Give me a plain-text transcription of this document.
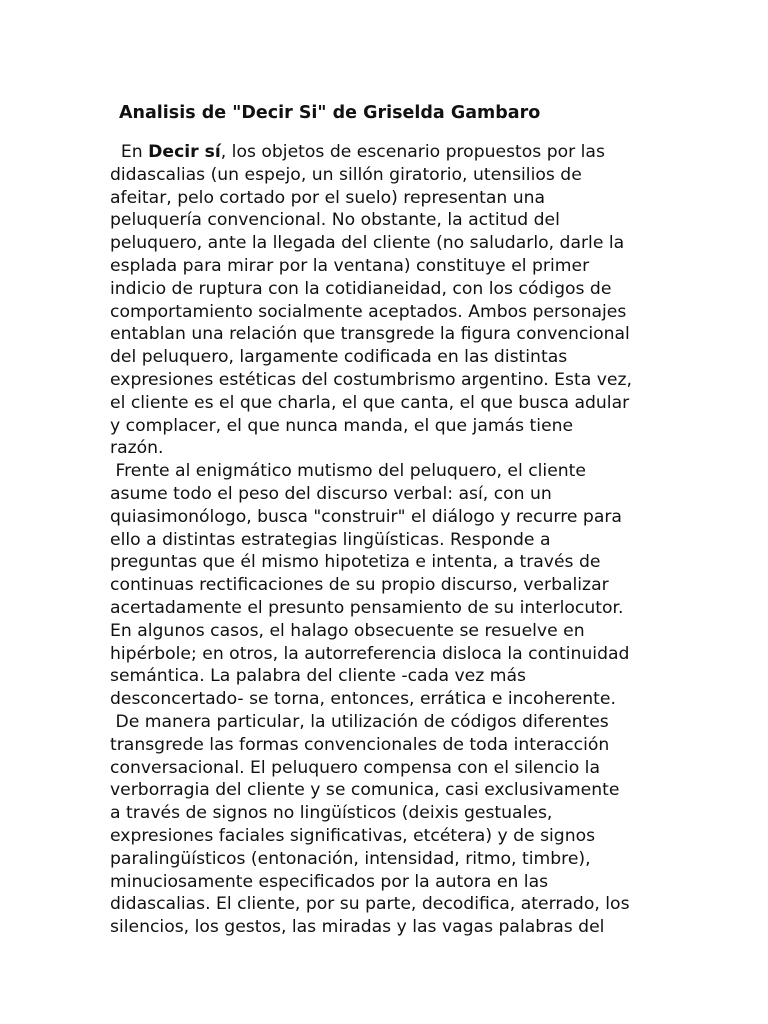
Analisis de "Decir Si" de Griselda Gambaro
En Decir sí, los objetos de escenario propuestos por las
didascalias (un espejo, un sillón giratorio, utensilios de
afeitar, pelo cortado por el suelo) representan una
peluquería convencional. No obstante, la actitud del
peluquero, ante la llegada del cliente (no saludarlo, darle la
esplada para mirar por la ventana) constituye el primer
indicio de ruptura con la cotidianeidad, con los códigos de
comportamiento socialmente aceptados. Ambos personajes
entablan una relación que transgrede la figura convencional
del peluquero, largamente codificada en las distintas
expresiones estéticas del costumbrismo argentino. Esta vez,
el cliente es el que charla, el que canta, el que busca adular
y complacer, el que nunca manda, el que jamás tiene
razón.
Frente al enigmático mutismo del peluquero, el cliente
asume todo el peso del discurso verbal: así, con un
quiasimonólogo, busca "construir" el diálogo y recurre para
ello a distintas estrategias lingüísticas. Responde a
preguntas que él mismo hipotetiza e intenta, a través de
continuas rectificaciones de su propio discurso, verbalizar
acertadamente el presunto pensamiento de su interlocutor.
En algunos casos, el halago obsecuente se resuelve en
hipérbole; en otros, la autorreferencia disloca la continuidad
semántica. La palabra del cliente -cada vez más
desconcertado- se torna, entonces, errática e incoherente.
De manera particular, la utilización de códigos diferentes
transgrede las formas convencionales de toda interacción
conversacional. El peluquero compensa con el silencio la
verborragia del cliente y se comunica, casi exclusivamente
a través de signos no lingüísticos (deixis gestuales,
expresiones faciales significativas, etcétera) y de signos
paralingüísticos (entonación, intensidad, ritmo, timbre),
minuciosamente especificados por la autora en las
didascalias. El cliente, por su parte, decodifica, aterrado, los
silencios, los gestos, las miradas y las vagas palabras del
